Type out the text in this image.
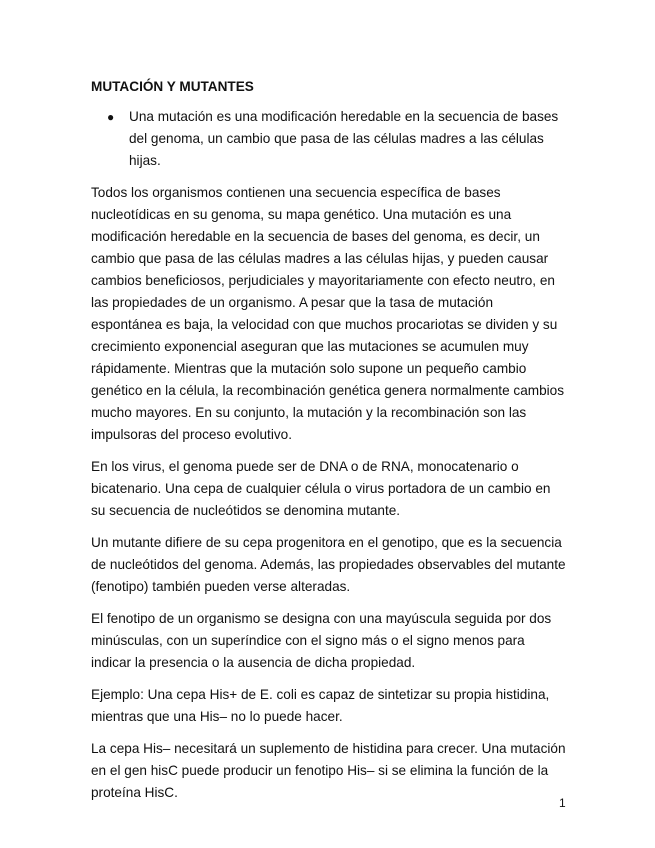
MUTACIÓN Y MUTANTES
● Una mutación es una modificación heredable en la secuencia de bases del genoma, un cambio que pasa de las células madres a las células hijas.

Todos los organismos contienen una secuencia específica de bases nucleotídicas en su genoma, su mapa genético. Una mutación es una modificación heredable en la secuencia de bases del genoma, es decir, un cambio que pasa de las células madres a las células hijas, y pueden causar cambios beneficiosos, perjudiciales y mayoritariamente con efecto neutro, en las propiedades de un organismo. A pesar que la tasa de mutación espontánea es baja, la velocidad con que muchos procariotas se dividen y su crecimiento exponencial aseguran que las mutaciones se acumulen muy rápidamente. Mientras que la mutación solo supone un pequeño cambio genético en la célula, la recombinación genética genera normalmente cambios mucho mayores. En su conjunto, la mutación y la recombinación son las impulsoras del proceso evolutivo.

En los virus, el genoma puede ser de DNA o de RNA, monocatenario o bicatenario. Una cepa de cualquier célula o virus portadora de un cambio en su secuencia de nucleótidos se denomina mutante.

Un mutante difiere de su cepa progenitora en el genotipo, que es la secuencia de nucleótidos del genoma. Además, las propiedades observables del mutante (fenotipo) también pueden verse alteradas.

El fenotipo de un organismo se designa con una mayúscula seguida por dos minúsculas, con un superíndice con el signo más o el signo menos para indicar la presencia o la ausencia de dicha propiedad.

Ejemplo: Una cepa His+ de E. coli es capaz de sintetizar su propia histidina, mientras que una His– no lo puede hacer.

La cepa His– necesitará un suplemento de histidina para crecer. Una mutación en el gen hisC puede producir un fenotipo His– si se elimina la función de la proteína HisC.

1
